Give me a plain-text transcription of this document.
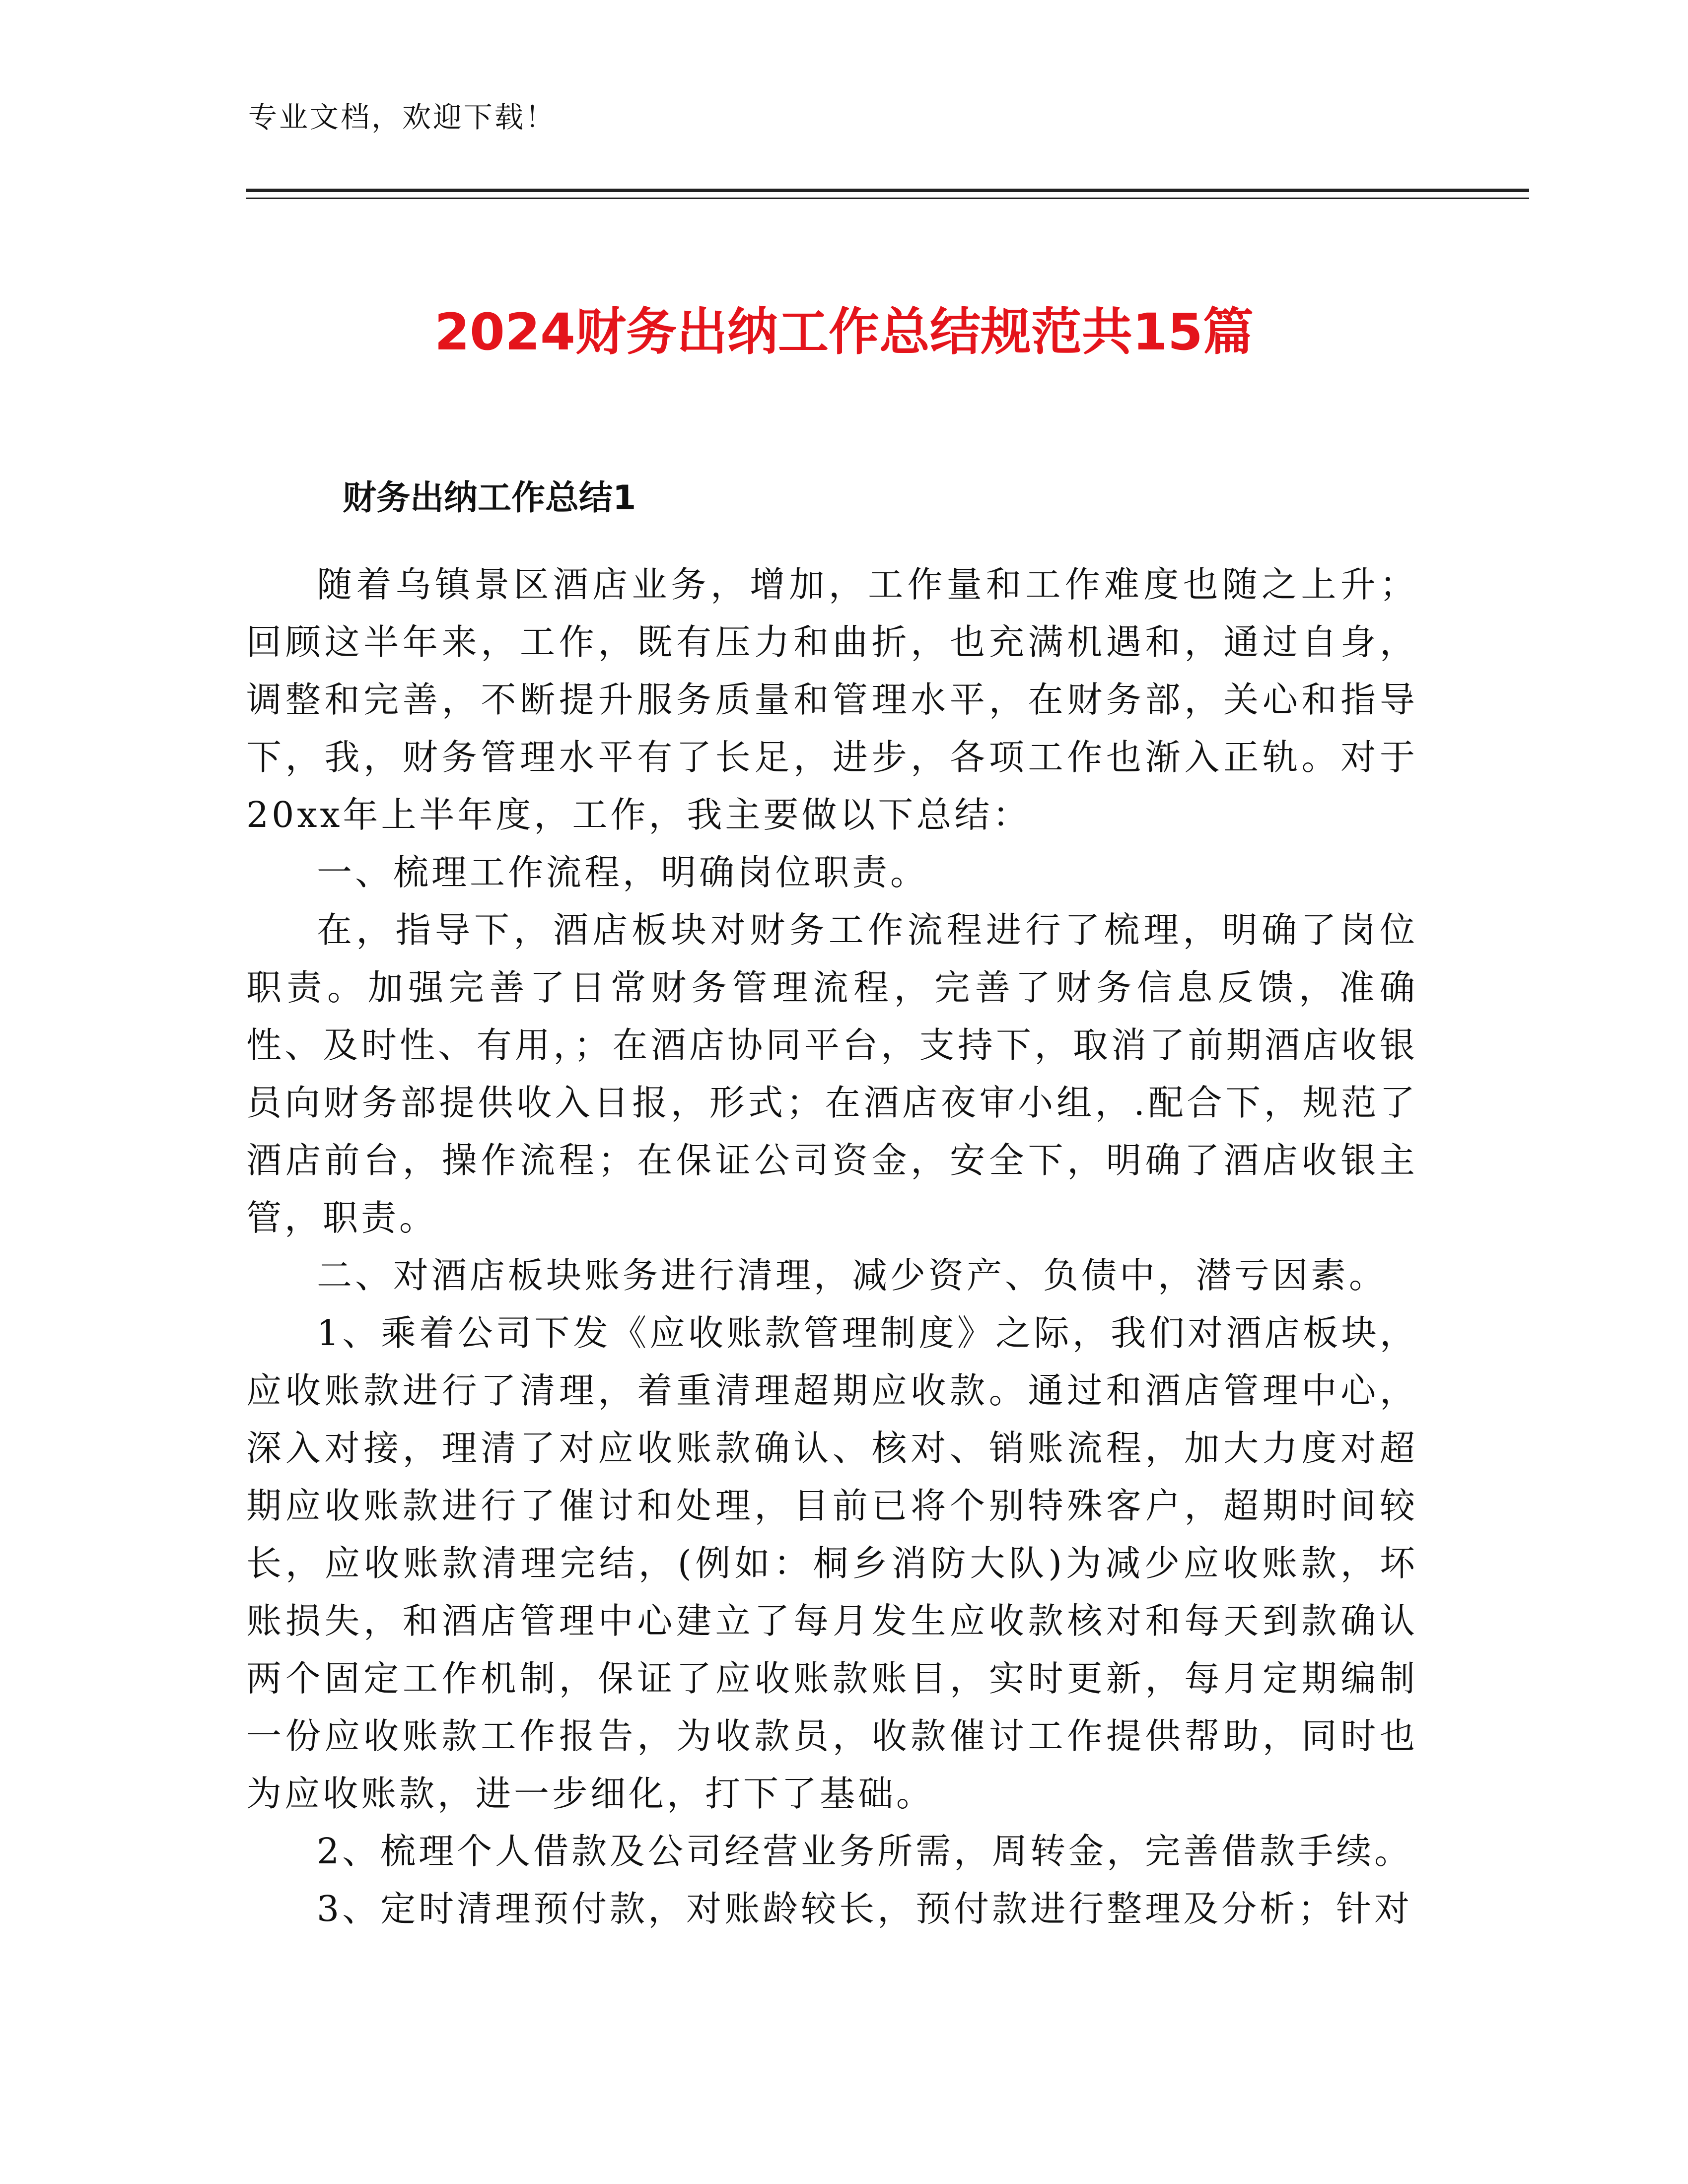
专业文档，欢迎下载！

2024财务出纳工作总结规范共15篇
财务出纳工作总结1

随着乌镇景区酒店业务，增加，工作量和工作难度也随之上升；回顾这半年来，工作，既有压力和曲折，也充满机遇和，通过自身，调整和完善，不断提升服务质量和管理水平，在财务部，关心和指导下，我，财务管理水平有了长足，进步，各项工作也渐入正轨。对于20xx年上半年度，工作，我主要做以下总结：

一、梳理工作流程，明确岗位职责。

在，指导下，酒店板块对财务工作流程进行了梳理，明确了岗位职责。加强完善了日常财务管理流程，完善了财务信息反馈，准确性、及时性、有用，；在酒店协同平台，支持下，取消了前期酒店收银员向财务部提供收入日报，形式；在酒店夜审小组，.配合下，规范了酒店前台，操作流程；在保证公司资金，安全下，明确了酒店收银主管，职责。

二、对酒店板块账务进行清理，减少资产、负债中，潜亏因素。

1、乘着公司下发《应收账款管理制度》之际，我们对酒店板块，应收账款进行了清理，着重清理超期应收款。通过和酒店管理中心，深入对接，理清了对应收账款确认、核对、销账流程，加大力度对超期应收账款进行了催讨和处理，目前已将个别特殊客户，超期时间较长，应收账款清理完结，(例如：桐乡消防大队)为减少应收账款，坏账损失，和酒店管理中心建立了每月发生应收款核对和每天到款确认两个固定工作机制，保证了应收账款账目，实时更新，每月定期编制一份应收账款工作报告，为收款员，收款催讨工作提供帮助，同时也为应收账款，进一步细化，打下了基础。

2、梳理个人借款及公司经营业务所需，周转金，完善借款手续。

3、定时清理预付款，对账龄较长，预付款进行整理及分析；针对
